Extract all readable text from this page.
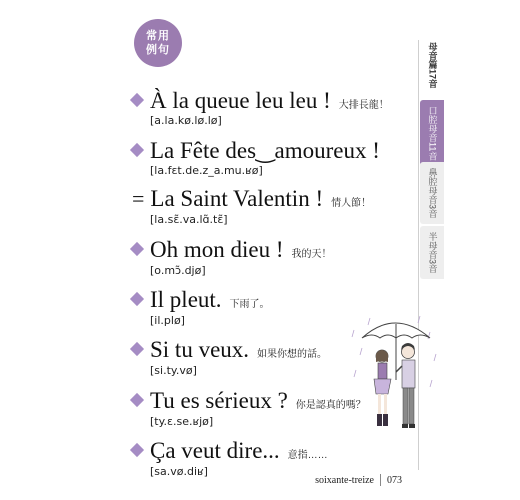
常用
例句
À la queue leu leu ! 大排長龍！
[a.la.kø.lø.lø]
La Fête des‿amoureux !
[la.fɛt.de.z_a.mu.ʁø]
= La Saint Valentin ! 情人節！
[la.sɛ̃.va.lɑ̃.tɛ̃]
Oh mon dieu ! 我的天！
[o.mɔ̃.djø]
Il pleut. 下雨了。
[il.plø]
Si tu veux. 如果你想的話。
[si.ty.vø]
Tu es sérieux ? 你是認真的嗎？
[ty.ɛ.se.ʁjø]
Ça veut dire... 意指……
[sa.vø.diʁ]
母音篇17音
口腔母音11音
鼻腔母音3音
半母音3音
soixante-treize 073
